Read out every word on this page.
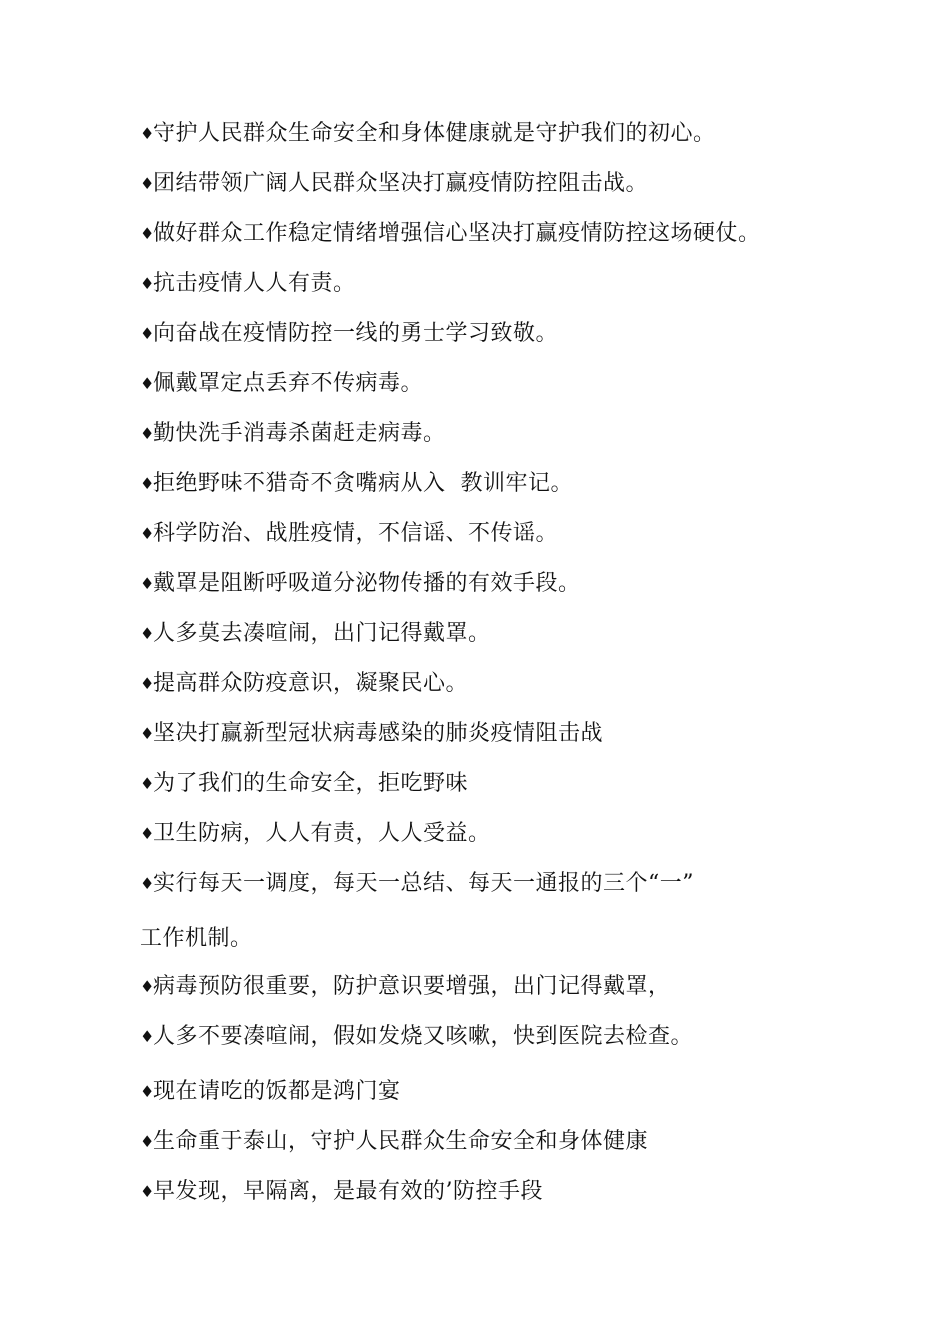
♦守护人民群众生命安全和身体健康就是守护我们的初心。
♦团结带领广阔人民群众坚决打赢疫情防控阻击战。
♦做好群众工作稳定情绪增强信心坚决打赢疫情防控这场硬仗。
♦抗击疫情人人有责。
♦向奋战在疫情防控一线的勇士学习致敬。
♦佩戴罩定点丢弃不传病毒。
♦勤快洗手消毒杀菌赶走病毒。
♦拒绝野味不猎奇不贪嘴病从入  教训牢记。
♦科学防治、战胜疫情，不信谣、不传谣。
♦戴罩是阻断呼吸道分泌物传播的有效手段。
♦人多莫去凑喧闹，出门记得戴罩。
♦提高群众防疫意识，凝聚民心。
♦坚决打赢新型冠状病毒感染的肺炎疫情阻击战
♦为了我们的生命安全，拒吃野味
♦卫生防病，人人有责，人人受益。
♦实行每天一调度，每天一总结、每天一通报的三个“一”
工作机制。
♦病毒预防很重要，防护意识要增强，出门记得戴罩，
♦人多不要凑喧闹，假如发烧又咳嗽，快到医院去检查。
♦现在请吃的饭都是鸿门宴
♦生命重于泰山，守护人民群众生命安全和身体健康
♦早发现，早隔离，是最有效的’防控手段
